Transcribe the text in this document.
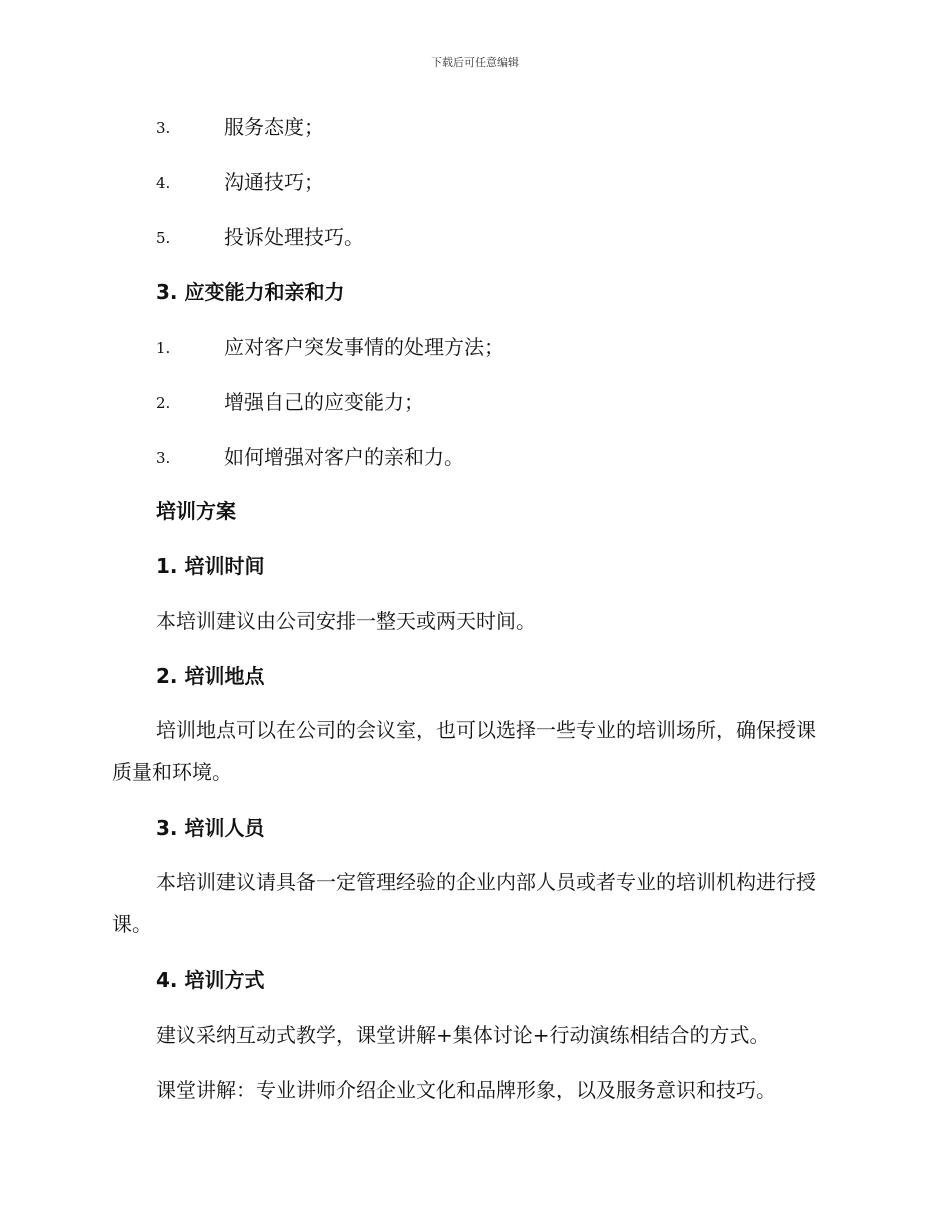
下载后可任意编辑
3.	服务态度；
4.	沟通技巧；
5.	投诉处理技巧。
3. 应变能力和亲和力
1.	应对客户突发事情的处理方法；
2.	增强自己的应变能力；
3.	如何增强对客户的亲和力。
培训方案
1. 培训时间
本培训建议由公司安排一整天或两天时间。
2. 培训地点
培训地点可以在公司的会议室，也可以选择一些专业的培训场所，确保授课质量和环境。
3. 培训人员
本培训建议请具备一定管理经验的企业内部人员或者专业的培训机构进行授课。
4. 培训方式
建议采纳互动式教学，课堂讲解+集体讨论+行动演练相结合的方式。
课堂讲解：专业讲师介绍企业文化和品牌形象，以及服务意识和技巧。
